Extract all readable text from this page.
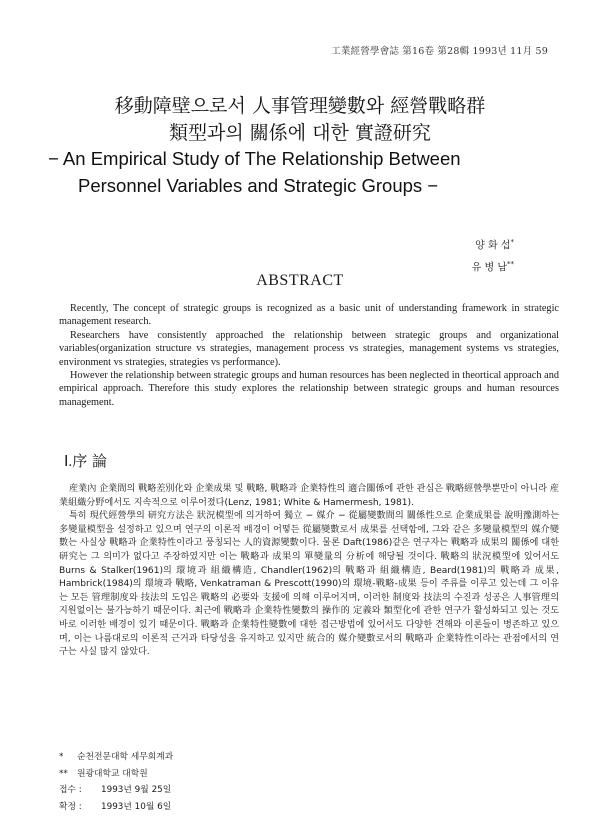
工業經營學會誌 第16卷 第28輯 1993년 11月 59
移動障壁으로서 人事管理變數와 經營戰略群
類型과의 關係에 대한 實證研究
− An Empirical Study of The Relationship Between
Personnel Variables and Strategic Groups −
양 화 섭*
유 병 남**
ABSTRACT

Recently, The concept of strategic groups is recognized as a basic unit of understanding framework in strategic management research.

Researchers have consistently approached the relationship between strategic groups and organizational variables(organization structure vs strategies, management process vs strategies, management systems vs strategies, environment vs strategies, strategies vs performance).

However the relationship between strategic groups and human resources has been neglected in theortical approach and empirical approach. Therefore this study explores the relationship between strategic groups and human resources management.

Ⅰ.序 論

産業內 企業間의 戰略差別化와 企業成果 및 戰略, 戰略과 企業特性의 適合關係에 관한 관심은 戰略經營學뿐만이 아니라 産業組織分野에서도 지속적으로 이루어졌다(Lenz, 1981; White & Hamermesh, 1981).

특히 現代經營學의 研究方法은 狀況模型에 의거하여 獨立 − 媒介 − 從屬變數間의 關係性으로 企業成果를 說明豫測하는 多變量模型을 설정하고 있으며 연구의 이론적 배경이 어떻든 從屬變數로서 成果를 선택함에, 그와 같은 多變量模型의 媒介變數는 사실상 戰略과 企業特性이라고 풍칭되는 人的資源變數이다. 물론 Daft(1986)같은 연구자는 戰略과 成果의 關係에 대한 研究는 그 의미가 없다고 주장하였지만 이는 戰略과 成果의 單變量의 分析에 해당될 것이다. 戰略의 狀況模型에 있어서도 Burns & Stalker(1961)의 環境과 組織構造, Chandler(1962)의 戰略과 組織構造, Beard(1981)의 戰略과 成果, Hambrick(1984)의 環境과 戰略, Venkatraman & Prescott(1990)의 環境-戰略-成果 등이 주류를 이루고 있는데 그 이유는 모든 管理制度와 技法의 도입은 戰略의 必要와 支援에 의해 이루어지며, 이러한 制度와 技法의 수진과 성공은 人事管理의 지원없이는 불가능하기 때문이다. 최근에 戰略과 企業特性變數의 操作的 定義와 類型化에 관한 연구가 활성화되고 있는 것도 바로 이러한 배경이 있기 때문이다. 戰略과 企業特性變數에 대한 접근방법에 있어서도 다양한 견해와 이론들이 병존하고 있으며, 이는 나름대로의 이론적 근거과 타당성을 유지하고 있지만 統合的 媒介變數로서의 戰略과 企業特性이라는 관점에서의 연구는 사실 많지 않았다.

* 순천전문대학 세무회계과
** 원광대학교 대학원
접수 : 1993년 9월 25일
확정 : 1993년 10월 6일
